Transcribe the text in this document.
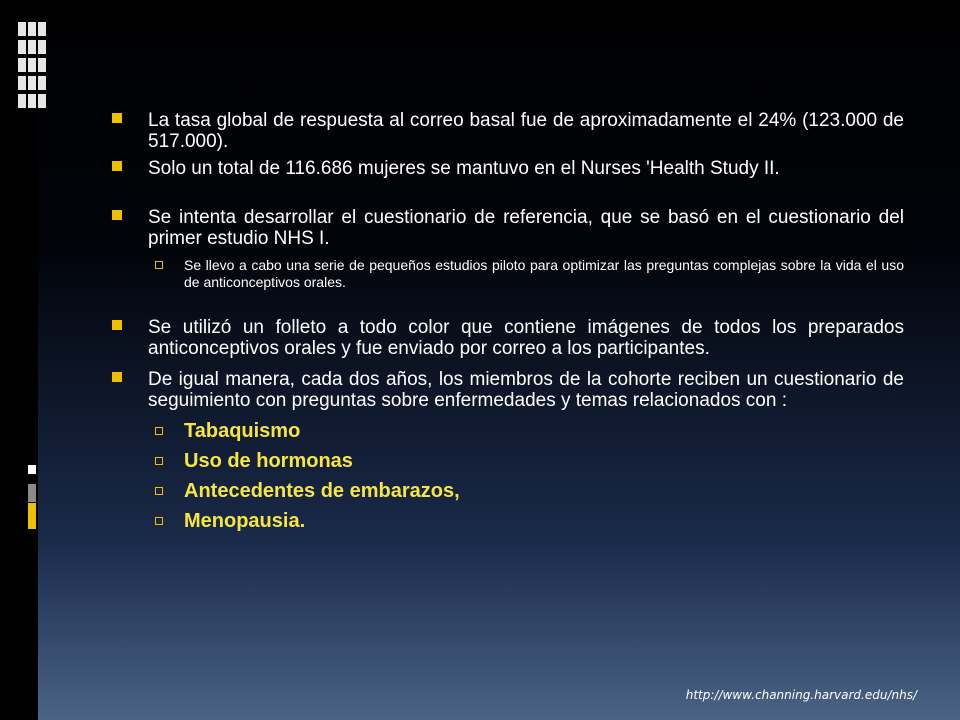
La tasa global de respuesta al correo basal fue de aproximadamente el 24% (123.000 de 517.000).

Solo un total de 116.686 mujeres se mantuvo en el Nurses 'Health Study II.

Se intenta desarrollar el cuestionario de referencia, que se basó en el cuestionario del primer estudio NHS I.

Se llevo a cabo una serie de pequeños estudios piloto para optimizar las preguntas complejas sobre la vida el uso de anticonceptivos orales.

Se utilizó un folleto a todo color que contiene imágenes de todos los preparados anticonceptivos orales y fue enviado por correo a los participantes.

De igual manera, cada dos años, los miembros de la cohorte reciben un cuestionario de seguimiento con preguntas sobre enfermedades y temas relacionados con :

Tabaquismo

Uso de hormonas

Antecedentes de embarazos,

Menopausia.

http://www.channing.harvard.edu/nhs/
